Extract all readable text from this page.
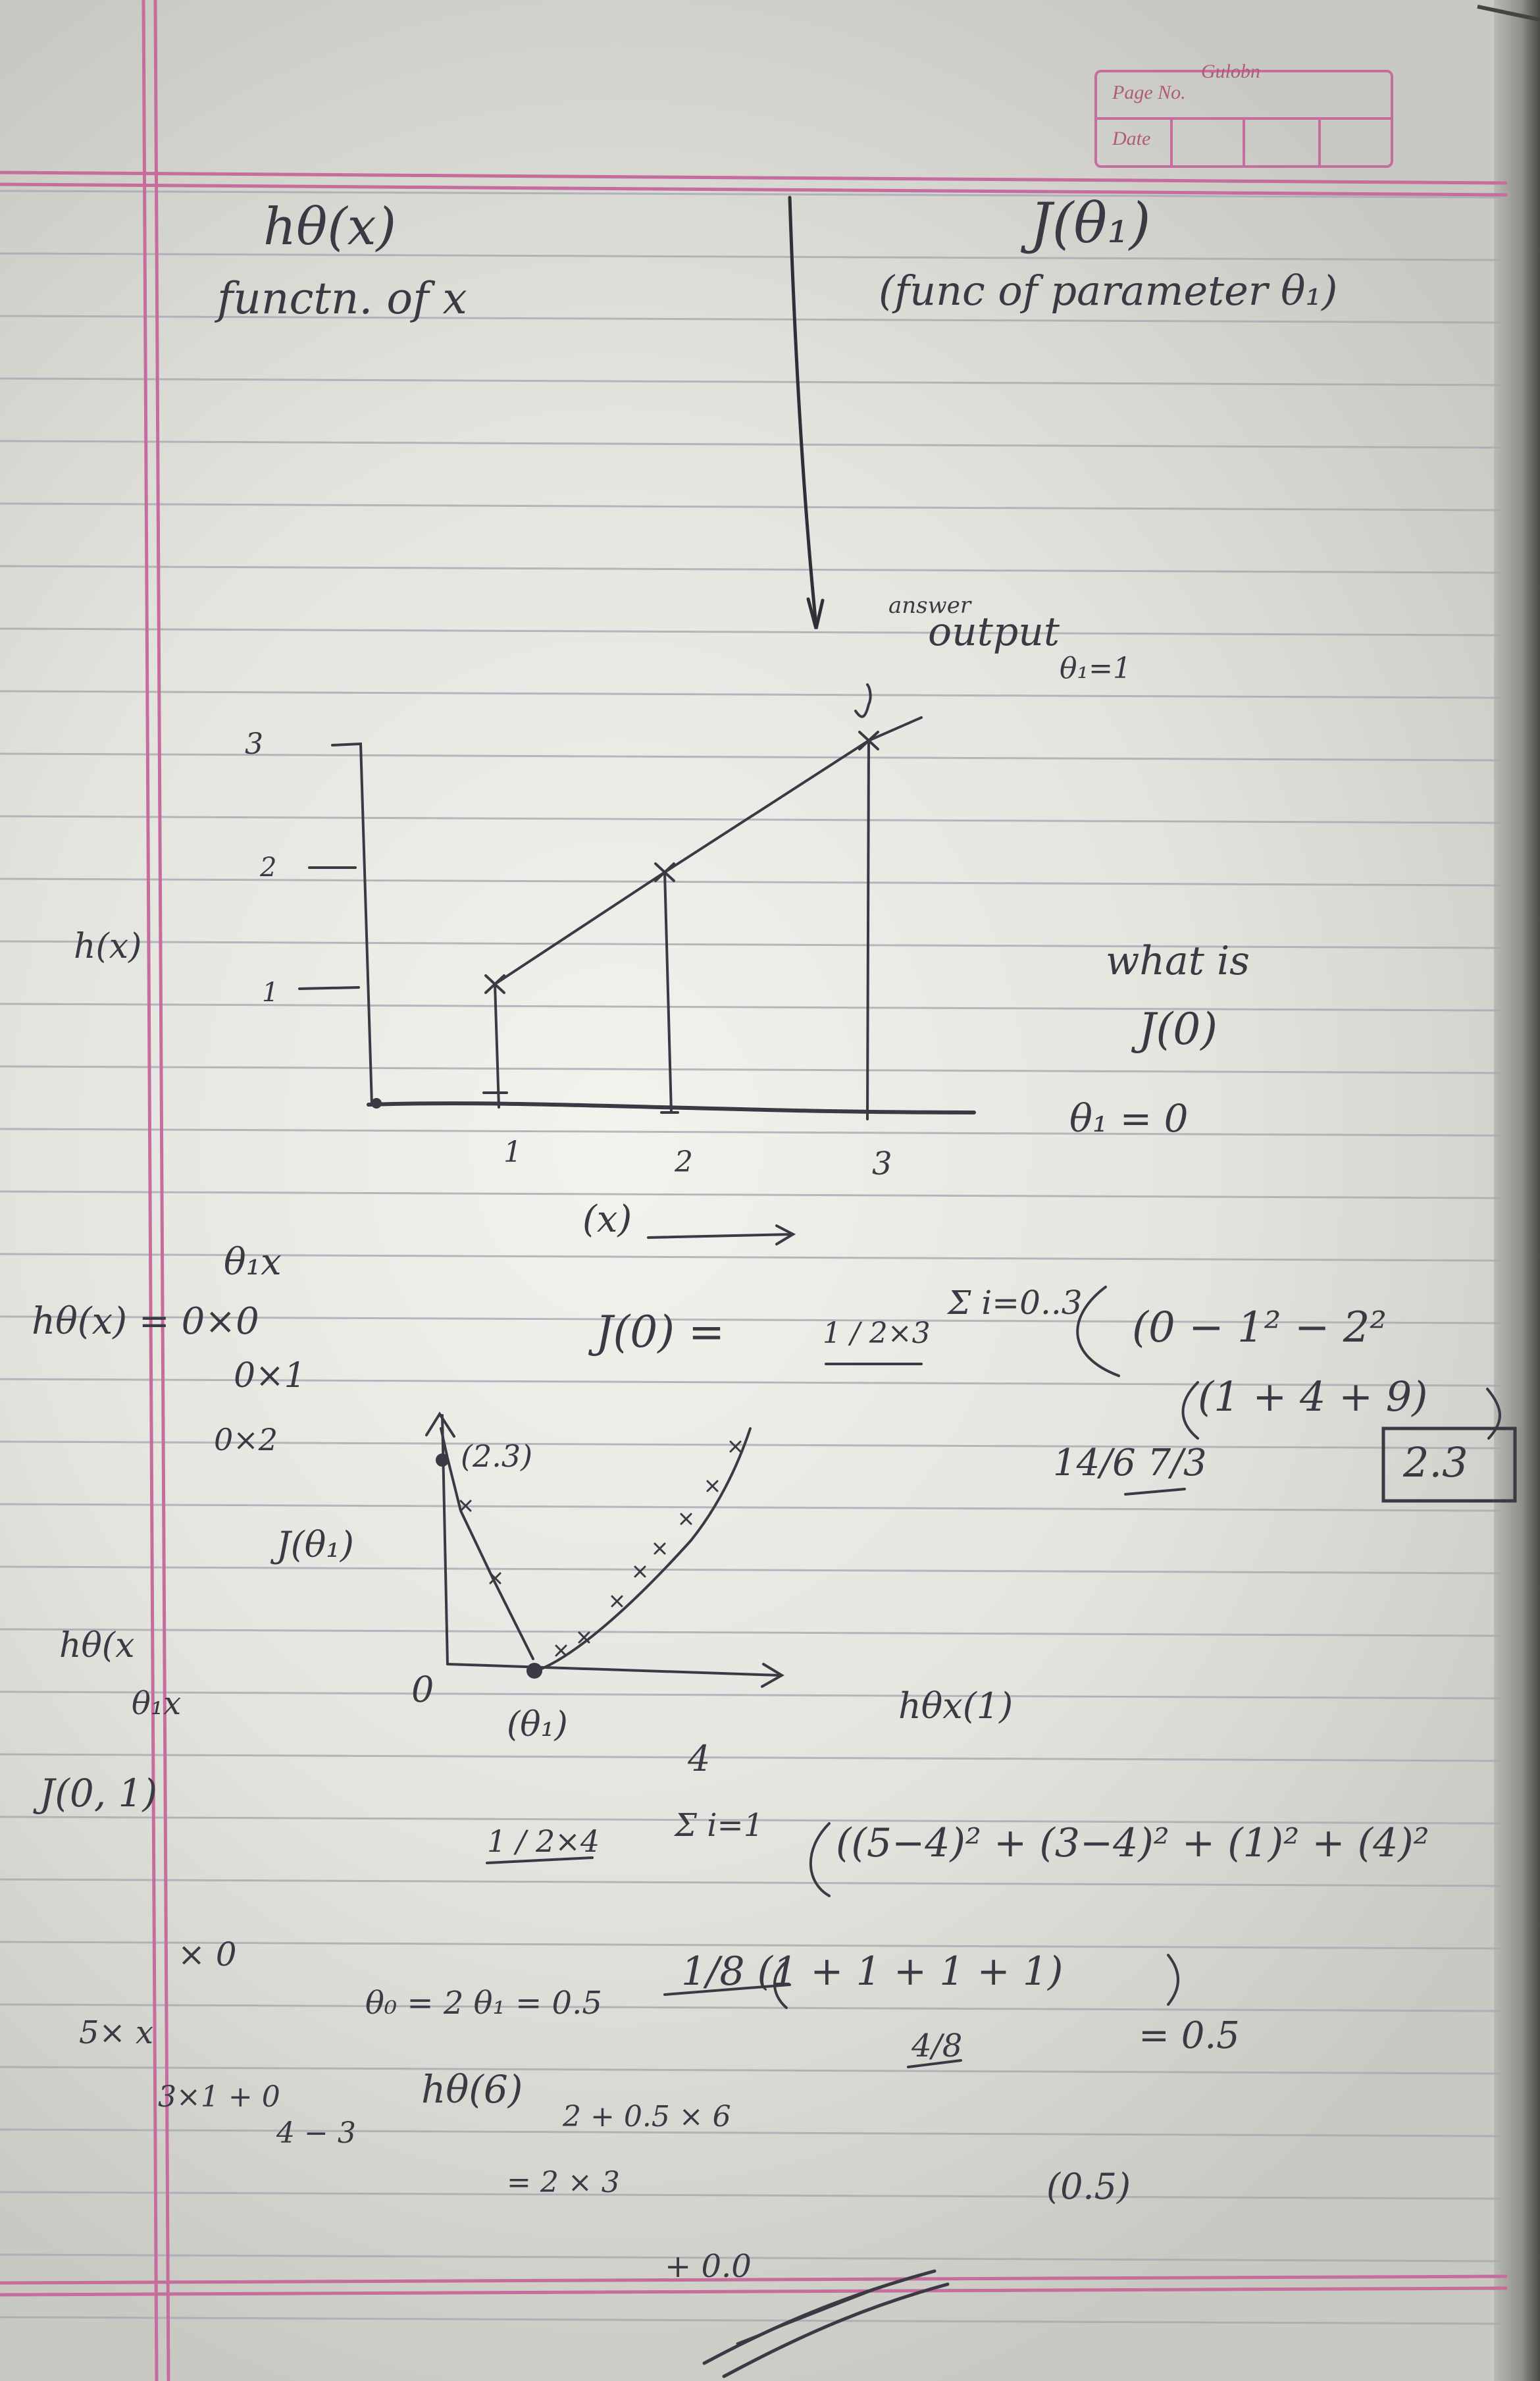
Gulobn
Page No.
Date
hθ(x)
functn. of x
J(θ₁)
(func of parameter θ₁)
answer
output
θ₁=1
h(x)
1
2
3
1	2	3
(x)
what is
J(0)
θ₁ = 0
θ₁x
hθ(x) = 0×0
0×1
0×2
J(0) =	1 / 2×3
Σ i=0..3
(0 − 1² − 2²
(1 + 4 + 9)
14/6 7/3	2.3
(2.3)
J(θ₁)
0
(θ₁)
hθ(x
θ₁x
J(0, 1)
× 0
5× x
3×1 + 0
4 − 3
hθx(1)
4
1 / 2×4 Σ i=1 ((5−4)² + (3−4)² + (1)² + (4)²
θ₀ = 2 θ₁ = 0.5
1/8 (1 + 1 + 1 + 1)
4/8	= 0.5
hθ(6)
2 + 0.5 × 6
= 2 × 3	(0.5)
+ 0.0
